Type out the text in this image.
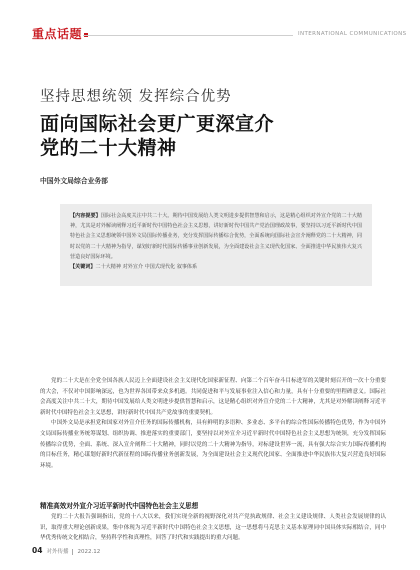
重点话题	INTERNATIONAL COMMUNICATIONS
坚持思想统领 发挥综合优势
面向国际社会更广更深宣介
党的二十大精神
中国外文局综合业务部

【内容提要】国际社会高度关注中共二十大。期待中国发展给人类文明进步提供智慧和启示，这是精心组织对外宣介党的二十大精神，尤其是对外解读阐释习近平新时代中国特色社会主义思想，讲好新时代中国共产党治国理政故事，要坚持以习近平新时代中国特色社会主义思想统领中国外文局国际传播业务，充分发挥国际传播综合优势，全面系统向国际社会宣介阐释党的二十大精神，同时以党的二十大精神为指导，谋划好新时代国际传播事业创新发展，为全面建设社会主义现代化国家、全面推进中华民族伟大复兴营造良好国际环境。

【关键词】二十大精神 对外宣介 中国式现代化 叙事体系

党的二十大是在全党全国各族人民迈上全面建设社会主义现代化国家新征程、向第二个百年奋斗目标进军的关键时刻召开的一次十分重要的大会，不仅对中国影响深远，也为世界各国带来众多机遇。共同促进和平与发展事业注入信心和力量，具有十分重要的里程碑意义。国际社会高度关注中共二十大，期待中国发展给人类文明进步提供智慧和启示，这是精心组织对外宣介党的二十大精神，尤其是对外解读阐释习近平新时代中国特色社会主义思想，讲好新时代中国共产党故事的重要契机。

中国外文局是承担党和国家对外宣介任务的国际传播机构，具有鲜明的多语种、多业态、多平台的综合性国际传播特色优势，作为中国外文局国际传播业务统筹谋划、组织协调、推进落实的重要部门，要坚持以对外宣介习近平新时代中国特色社会主义思想为统领，充分发挥国际传播综合优势，全面、系统、深入宣介阐释二十大精神，同时以党的二十大精神为指导，对标建设世界一流，具有强大综合实力国际传播机构的目标任务，精心谋划好新时代新征程的国际传播业务创新发展，为全面建设社会主义现代化国家、全面推进中华民族伟大复兴营造良好国际环境。

精准高效对外宣介习近平新时代中国特色社会主义思想

党的二十大报告强调指出，党的十八大以来，我们实现全新的视野深化对共产党执政规律、社会主义建设规律、人类社会发展规律的认识，取得重大理论创新成果，集中体现为习近平新时代中国特色社会主义思想，这一思想将马克思主义基本原理同中国具体实际相结合，同中华优秀传统文化相结合，坚持科学性和真理性，回答了时代和实践提出的重大问题。

04 对外传播 2022.12
